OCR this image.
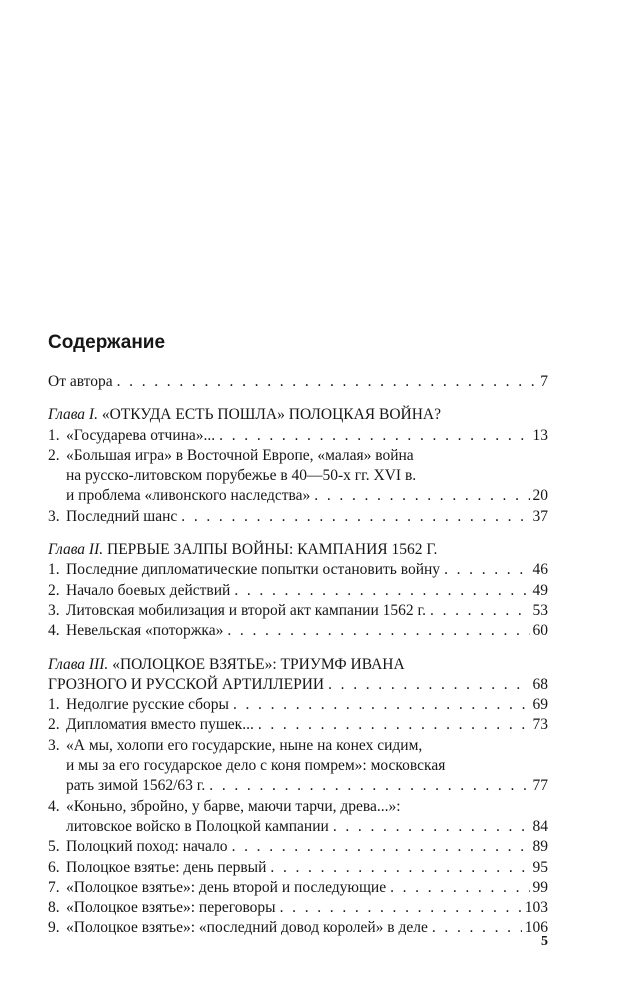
Содержание
От автора . . .	7
Глава I. «ОТКУДА ЕСТЬ ПОШЛА» ПОЛОЦКАЯ ВОЙНА?
1. «Государева отчина»... . . .	13
2. «Большая игра» в Восточной Европе, «малая» война
на русско-литовском порубежье в 40—50-х гг. XVI в.
и проблема «ливонского наследства» . . .	20
3. Последний шанс . . .	37
Глава II. ПЕРВЫЕ ЗАЛПЫ ВОЙНЫ: КАМПАНИЯ 1562 Г.
1. Последние дипломатические попытки остановить войну . . .	46
2. Начало боевых действий . . .	49
3. Литовская мобилизация и второй акт кампании 1562 г. . . .	53
4. Невельская «поторжка» . . .	60
Глава III. «ПОЛОЦКОЕ ВЗЯТЬЕ»: ТРИУМФ ИВАНА
ГРОЗНОГО И РУССКОЙ АРТИЛЛЕРИИ . . .	68
1. Недолгие русские сборы . . .	69
2. Дипломатия вместо пушек... . . .	73
3. «А мы, холопи его государские, ныне на конех сидим,
и мы за его государское дело с коня помрем»: московская
рать зимой 1562/63 г. . . .	77
4. «Коньно, збройно, у барве, маючи тарчи, древа...»:
литовское войско в Полоцкой кампании . . .	84
5. Полоцкий поход: начало . . .	89
6. Полоцкое взятье: день первый . . .	95
7. «Полоцкое взятье»: день второй и последующие . . .	99
8. «Полоцкое взятье»: переговоры . . .	103
9. «Полоцкое взятье»: «последний довод королей» в деле . . .	106
5
